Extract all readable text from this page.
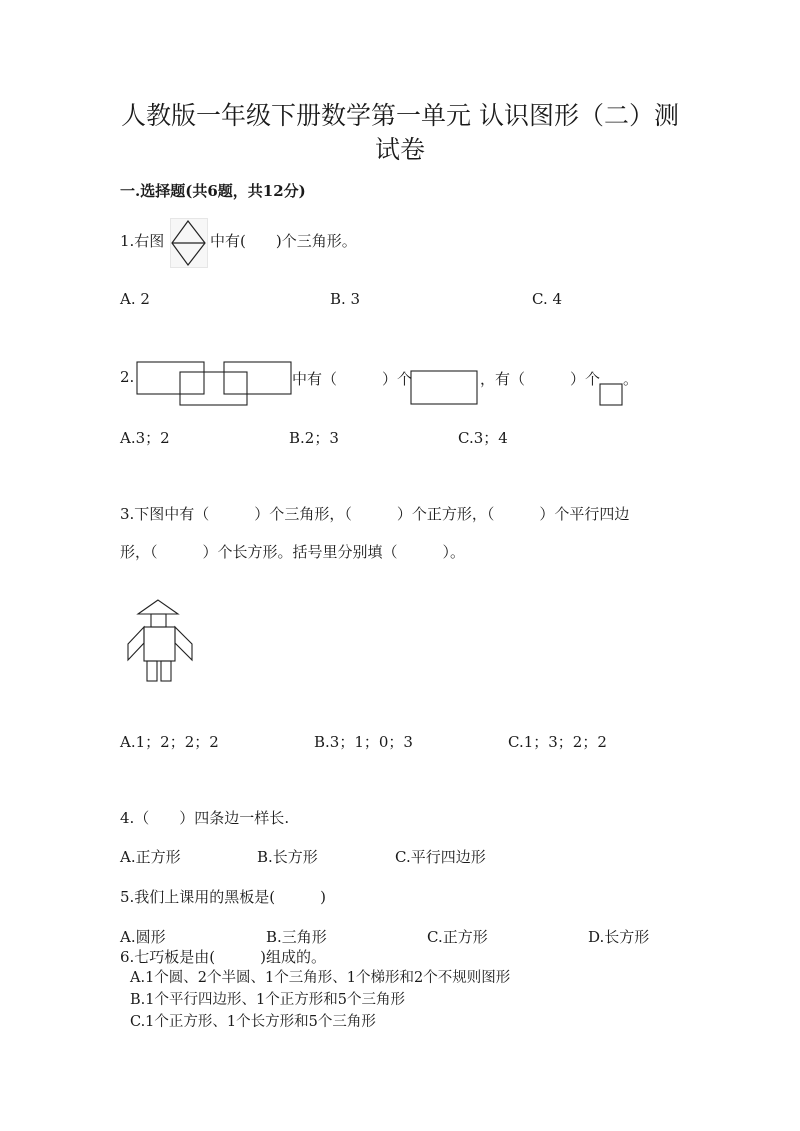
人教版一年级下册数学第一单元 认识图形（二）测
试卷
一.选择题(共6题，共12分)
1.右图	中有(　　)个三角形。
A. 2	B. 3	C. 4
2.	中有（　　　）个	，有（　　　）个 。
A.3；2	B.2；3	C.3；4
3.下图中有（　　　）个三角形，（　　　）个正方形，（　　　）个平行四边
形，（　　　）个长方形。括号里分别填（　　　）。
A.1；2；2；2	B.3；1；0；3	C.1；3；2；2
4.（　　）四条边一样长.
A.正方形	B.长方形	C.平行四边形
5.我们上课用的黑板是(　　　)
A.圆形	B.三角形	C.正方形	D.长方形
6.七巧板是由(　　　)组成的。
A.1个圆、2个半圆、1个三角形、1个梯形和2个不规则图形
B.1个平行四边形、1个正方形和5个三角形
C.1个正方形、1个长方形和5个三角形
